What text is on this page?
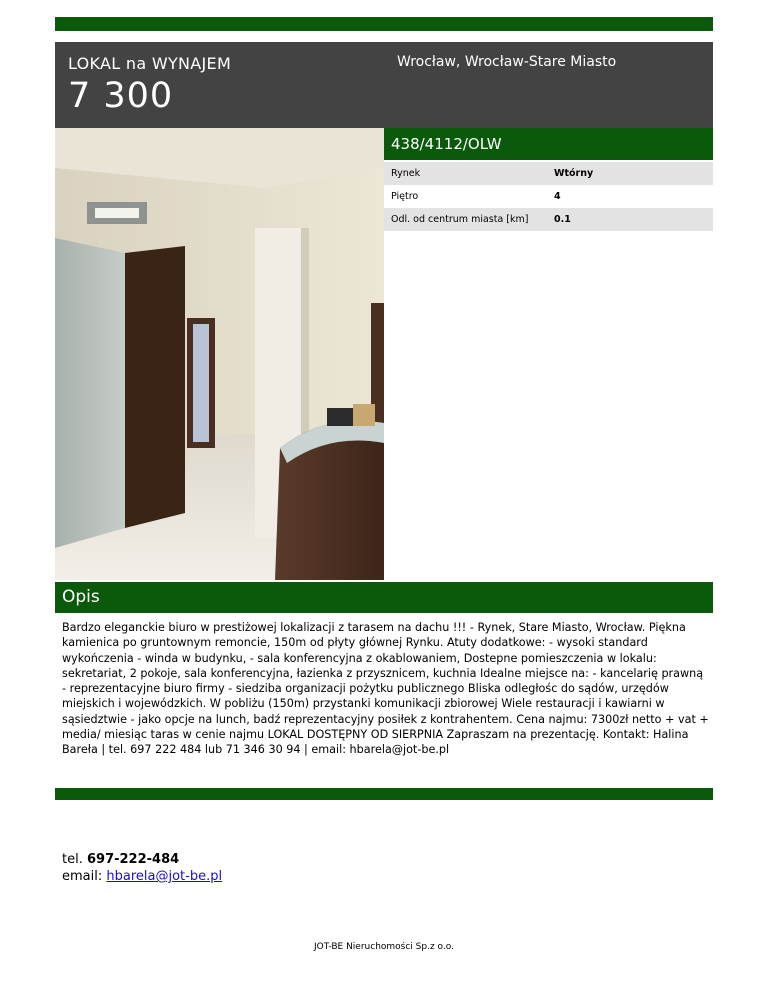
LOKAL na WYNAJEM
7 300
Wrocław, Wrocław-Stare Miasto
438/4112/OLW
Rynek	Wtórny
Piętro	4
Odl. od centrum miasta [km]	0.1
Opis
Bardzo eleganckie biuro w prestiżowej lokalizacji z tarasem na dachu !!! - Rynek, Stare Miasto, Wrocław. Piękna kamienica po gruntownym remoncie, 150m od płyty głównej Rynku. Atuty dodatkowe: - wysoki standard wykończenia - winda w budynku, - sala konferencyjna z okablowaniem, Dostepne pomieszczenia w lokalu: sekretariat, 2 pokoje, sala konferencyjna, łazienka z przysznicem, kuchnia Idealne miejsce na: - kancelarię prawną - reprezentacyjne biuro firmy - siedziba organizacji pożytku publicznego Bliska odległośc do sądów, urzędów miejskich i wojewódzkich. W pobliżu (150m) przystanki komunikacji zbiorowej Wiele restauracji i kawiarni w sąsiedztwie - jako opcje na lunch, badź reprezentacyjny posiłek z kontrahentem. Cena najmu: 7300zł netto + vat + media/ miesiąc taras w cenie najmu LOKAL DOSTĘPNY OD SIERPNIA Zapraszam na prezentację. Kontakt: Halina Bareła | tel. 697 222 484 lub 71 346 30 94 | email: hbarela@jot-be.pl
tel. 697-222-484
email: hbarela@jot-be.pl
JOT-BE Nieruchomości Sp.z o.o.
